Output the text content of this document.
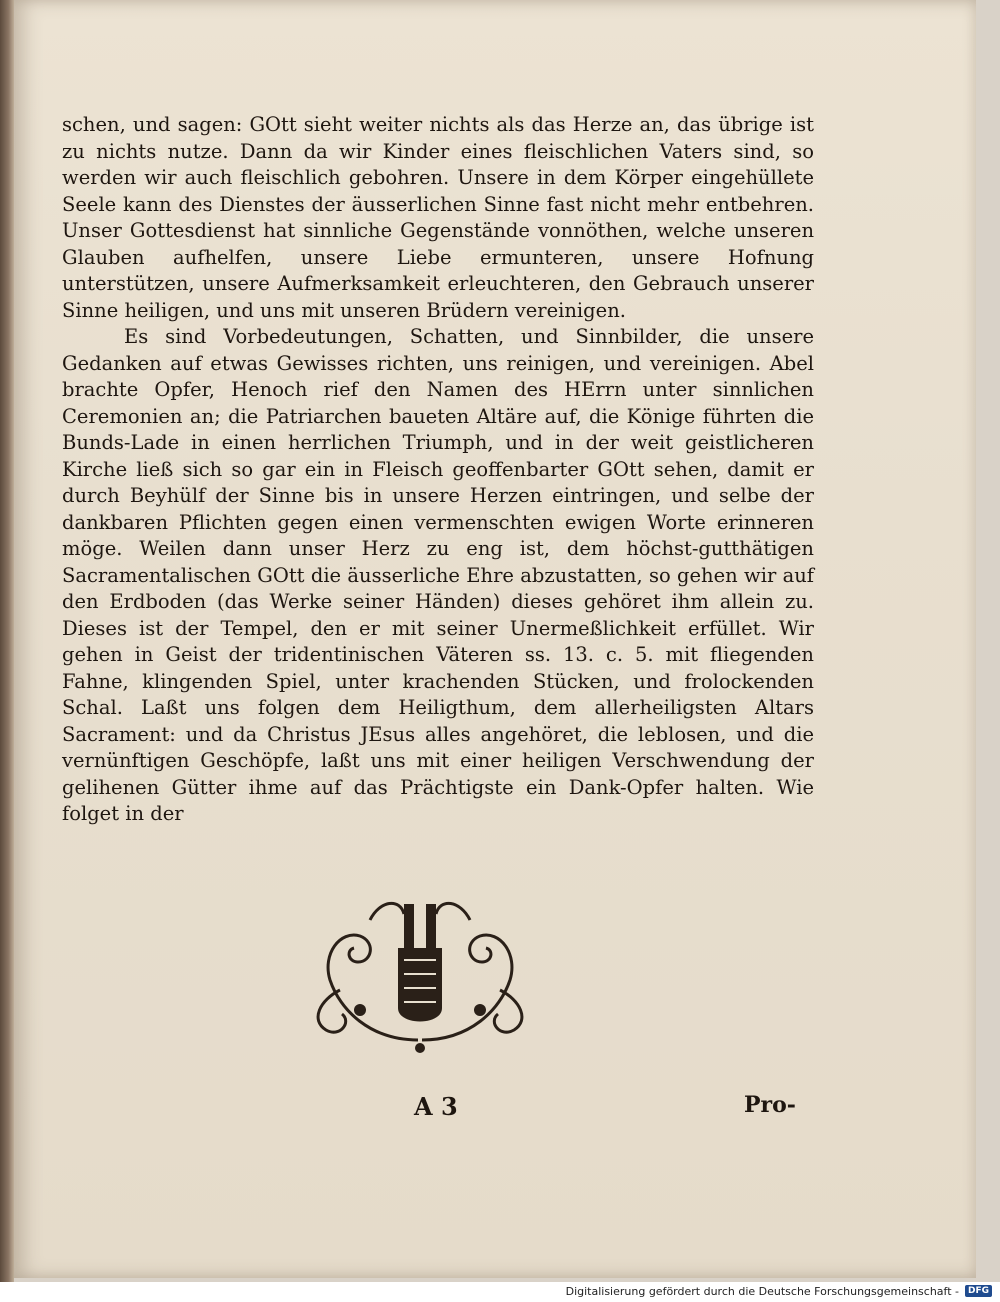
schen, und sagen: GOtt sieht weiter nichts als das Herze an, das übrige ist zu nichts nutze. Dann da wir Kinder eines fleischlichen Vaters sind, so werden wir auch fleischlich gebohren. Unsere in dem Körper eingehüllete Seele kann des Dienstes der äusserlichen Sinne fast nicht mehr entbehren. Unser Gottesdienst hat sinnliche Gegenstände vonnöthen, welche unseren Glauben aufhelfen, unsere Liebe ermunteren, unsere Hofnung unterstützen, unsere Aufmerksamkeit erleuchteren, den Gebrauch unserer Sinne heiligen, und uns mit unseren Brüdern vereinigen.

Es sind Vorbedeutungen, Schatten, und Sinnbilder, die unsere Gedanken auf etwas Gewisses richten, uns reinigen, und vereinigen. Abel brachte Opfer, Henoch rief den Namen des HErrn unter sinnlichen Ceremonien an; die Patriarchen baueten Altäre auf, die Könige führten die Bunds-Lade in einen herrlichen Triumph, und in der weit geistlicheren Kirche ließ sich so gar ein in Fleisch geoffenbarter GOtt sehen, damit er durch Beyhülf der Sinne bis in unsere Herzen eintringen, und selbe der dankbaren Pflichten gegen einen vermenschten ewigen Worte erinneren möge. Weilen dann unser Herz zu eng ist, dem höchst-gutthätigen Sacramentalischen GOtt die äusserliche Ehre abzustatten, so gehen wir auf den Erdboden (das Werke seiner Händen) dieses gehöret ihm allein zu. Dieses ist der Tempel, den er mit seiner Unermeßlichkeit erfüllet. Wir gehen in Geist der tridentinischen Väteren ss. 13. c. 5. mit fliegenden Fahne, klingenden Spiel, unter krachenden Stücken, und frolockenden Schal. Laßt uns folgen dem Heiligthum, dem allerheiligsten Altars Sacrament: und da Christus JEsus alles angehöret, die leblosen, und die vernünftigen Geschöpfe, laßt uns mit einer heiligen Verschwendung der gelihenen Gütter ihme auf das Prächtigste ein Dank-Opfer halten. Wie folget in der

A 3	Pro-
Digitalisierung gefördert durch die Deutsche Forschungsgemeinschaft -	DFG
